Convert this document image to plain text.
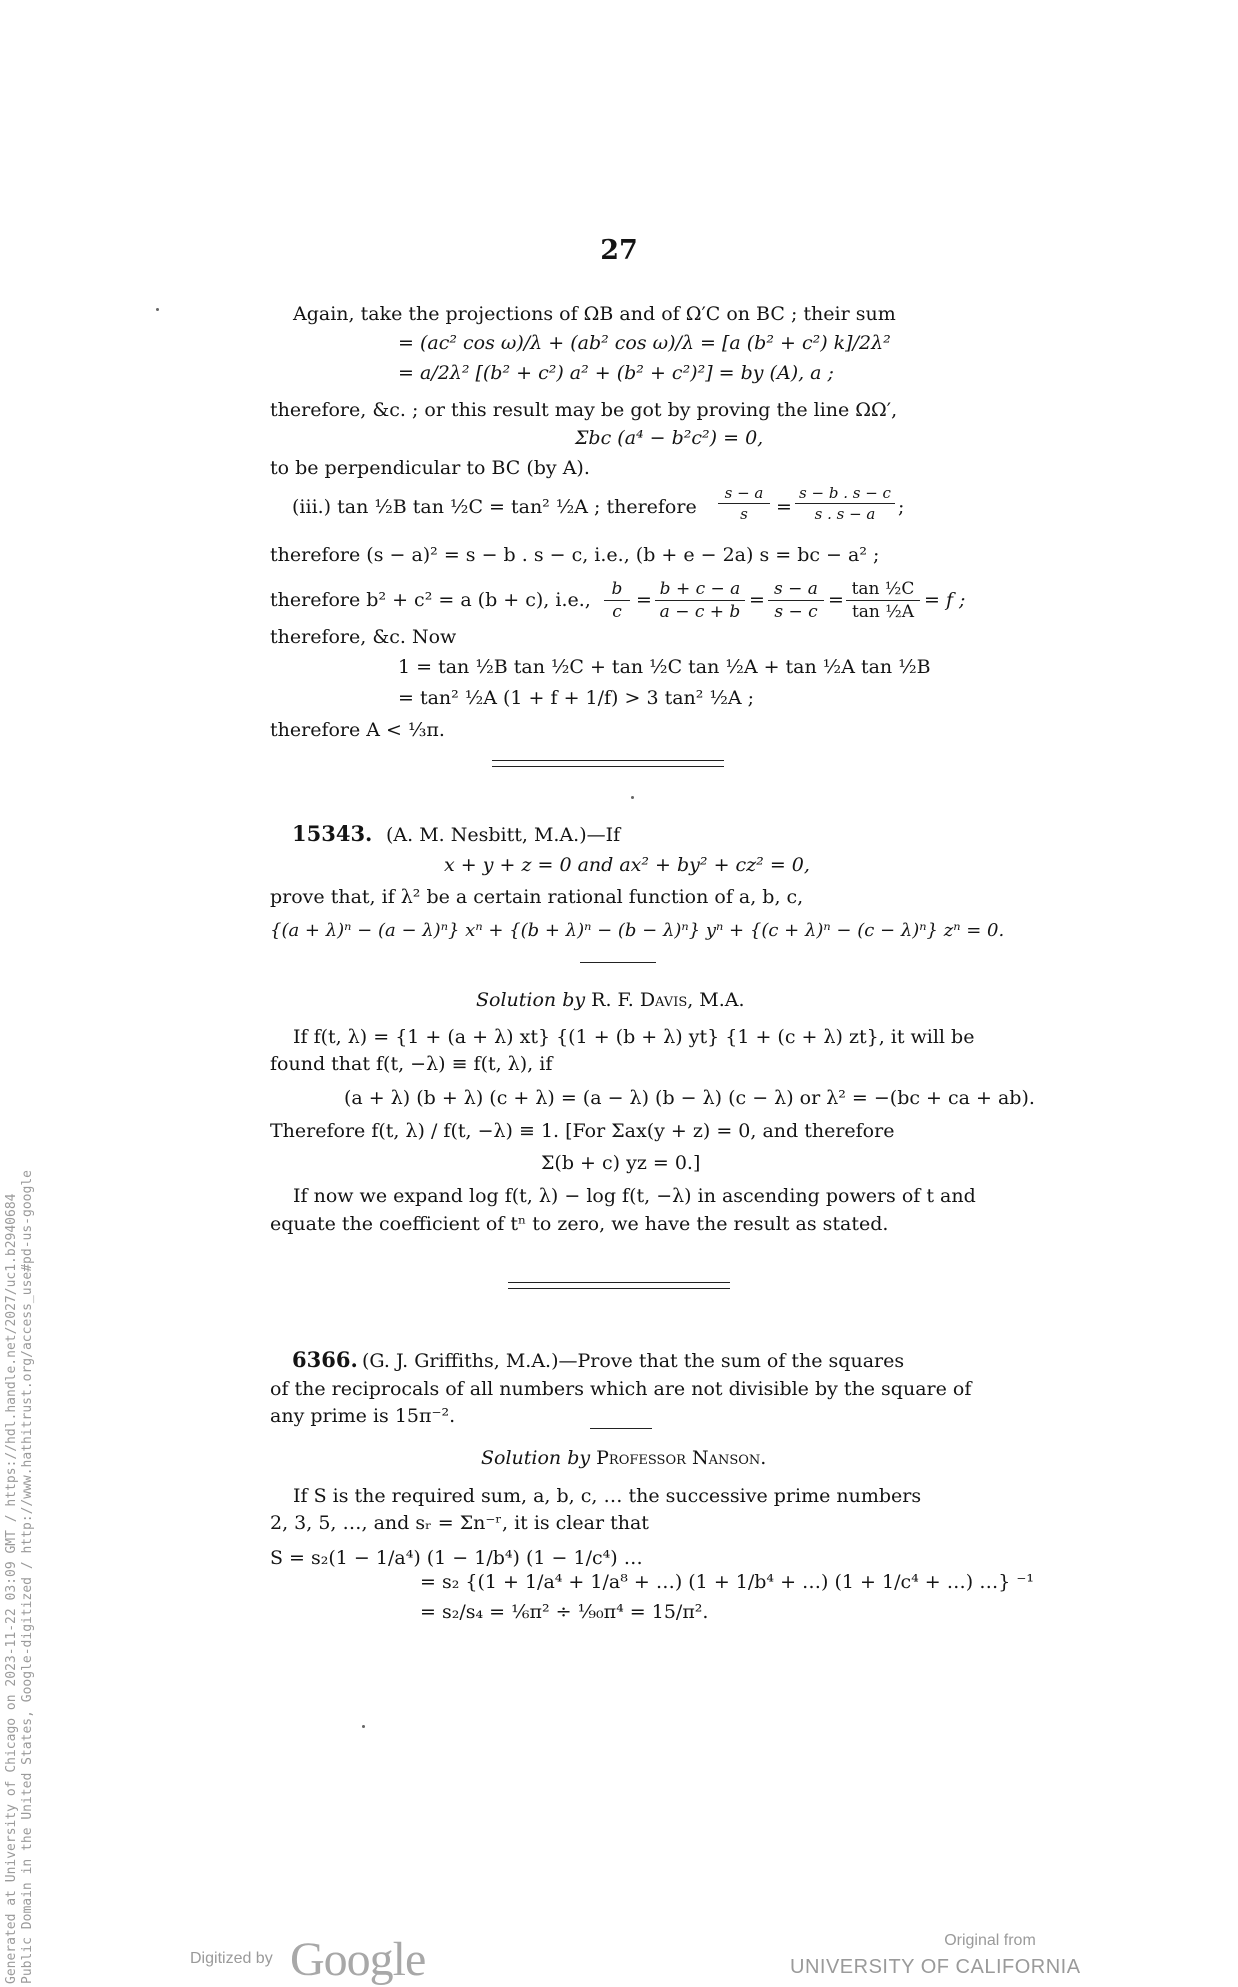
27
Again, take the projections of ΩB and of Ω′C on BC ; their sum
= (ac² cos ω)/λ + (ab² cos ω)/λ = [a (b² + c²) k]/2λ²
= a/2λ² [(b² + c²) a² + (b² + c²)²] = by (A), a ;
therefore, &c. ; or this result may be got by proving the line ΩΩ′,
Σbc (a⁴ − b²c²) = 0,
to be perpendicular to BC (by A).
(iii.) tan ½B tan ½C = tan² ½A ; therefore $\frac{s - a}{s} = \frac{s - b . s - c}{s . s - a}$ ;
therefore (s − a)² = s − b . s − c, i.e., (b + e − 2a) s = bc − a² ;
therefore b² + c² = a (b + c), i.e., $\frac{b}{c} = \frac{b + c - a}{a - c + b} = \frac{s - a}{s - c} = \frac{\text{tan ½C}}{\text{tan ½A}} = f$ ;
therefore, &c. Now
1 = tan ½B tan ½C + tan ½C tan ½A + tan ½A tan ½B
= tan² ½A (1 + f + 1/f) > 3 tan² ½A ;
therefore A < ⅓π.
15343. (A. M. Nesbitt, M.A.)—If
x + y + z = 0 and ax² + by² + cz² = 0,
prove that, if λ² be a certain rational function of a, b, c,
{(a + λ)ⁿ − (a − λ)ⁿ} xⁿ + {(b + λ)ⁿ − (b − λ)ⁿ} yⁿ + {(c + λ)ⁿ − (c − λ)ⁿ} zⁿ = 0.
Solution by R. F. Davis, M.A.
If f(t, λ) = {1 + (a + λ) xt} {(1 + (b + λ) yt} {1 + (c + λ) zt}, it will be
found that f(t, −λ) ≡ f(t, λ), if
(a + λ) (b + λ) (c + λ) = (a − λ) (b − λ) (c − λ) or λ² = −(bc + ca + ab).
Therefore f(t, λ) / f(t, −λ) ≡ 1. [For Σax(y + z) = 0, and therefore
Σ(b + c) yz = 0.]
If now we expand log f(t, λ) − log f(t, −λ) in ascending powers of t and
equate the coefficient of tⁿ to zero, we have the result as stated.
6366. (G. J. Griffiths, M.A.)—Prove that the sum of the squares
of the reciprocals of all numbers which are not divisible by the square of
any prime is 15π⁻².
Solution by Professor Nanson.
If S is the required sum, a, b, c, … the successive prime numbers
2, 3, 5, …, and sᵣ = Σn⁻ʳ, it is clear that
S = s₂(1 − 1/a⁴) (1 − 1/b⁴) (1 − 1/c⁴) …
= s₂ {(1 + 1/a⁴ + 1/a⁸ + …) (1 + 1/b⁴ + …) (1 + 1/c⁴ + …) …} ⁻¹
= s₂/s₄ = ⅙π² ÷ ¹⁄₉₀π⁴ = 15/π².
Generated at University of Chicago on 2023-11-22 03:09 GMT / https://hdl.handle.net/2027/uc1.b2940684 Public Domain in the United States, Google-digitized / http://www.hathitrust.org/access_use#pd-us-google	Digitized by Google	Original from
UNIVERSITY OF CALIFORNIA
